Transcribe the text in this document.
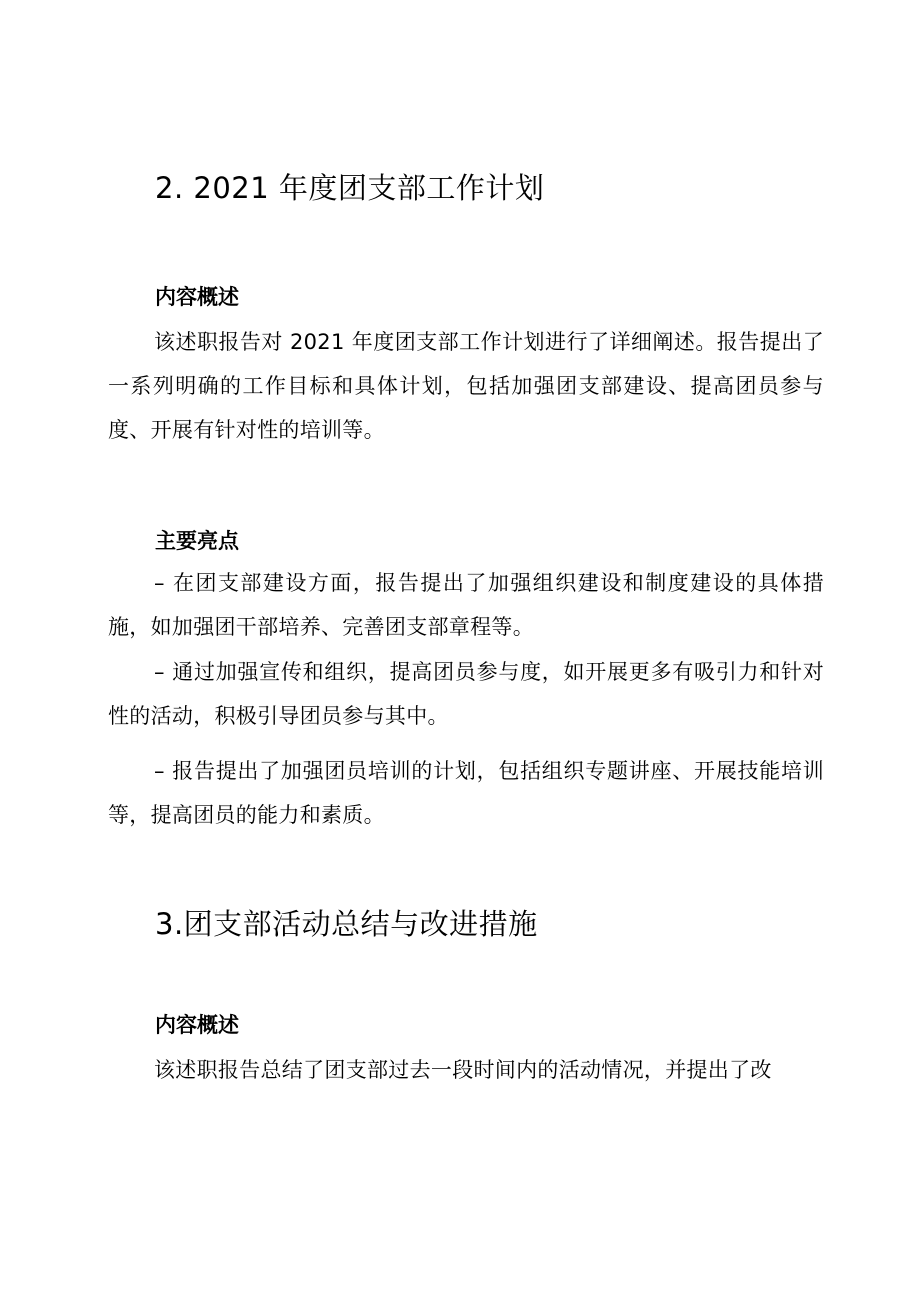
2. 2021 年度团支部工作计划
内容概述

该述职报告对 2021 年度团支部工作计划进行了详细阐述。报告提出了一系列明确的工作目标和具体计划，包括加强团支部建设、提高团员参与度、开展有针对性的培训等。

主要亮点

– 在团支部建设方面，报告提出了加强组织建设和制度建设的具体措施，如加强团干部培养、完善团支部章程等。

– 通过加强宣传和组织，提高团员参与度，如开展更多有吸引力和针对性的活动，积极引导团员参与其中。

– 报告提出了加强团员培训的计划，包括组织专题讲座、开展技能培训等，提高团员的能力和素质。

3.团支部活动总结与改进措施
内容概述

该述职报告总结了团支部过去一段时间内的活动情况，并提出了改
